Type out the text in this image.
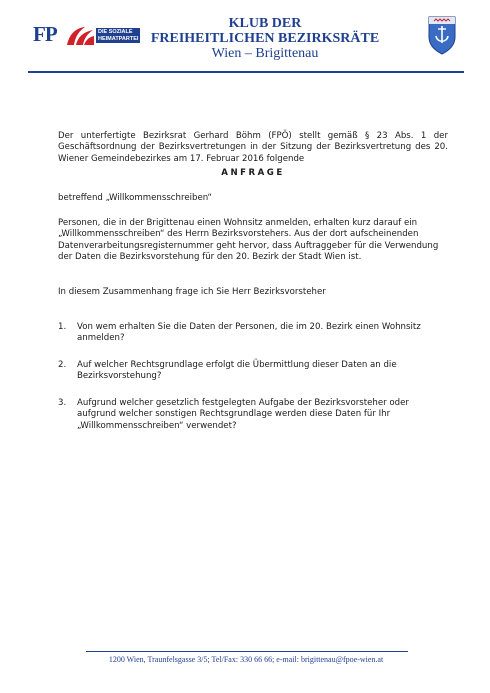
FP	DIE SOZIALE
HEIMATPARTEI
KLUB DER
FREIHEITLICHEN BEZIRKSRÄTE
Wien – Brigittenau
Der unterfertigte Bezirksrat Gerhard Böhm (FPÖ) stellt gemäß § 23 Abs. 1 der Geschäftsordnung der Bezirksvertretungen in der Sitzung der Bezirksvertretung des 20. Wiener Gemeindebezirkes am 17. Februar 2016 folgende
ANFRAGE
betreffend „Willkommensschreiben“
Personen, die in der Brigittenau einen Wohnsitz anmelden, erhalten kurz darauf ein „Willkommensschreiben“ des Herrn Bezirksvorstehers. Aus der dort aufscheinenden Datenverarbeitungsregisternummer geht hervor, dass Auftraggeber für die Verwendung der Daten die Bezirksvorstehung für den 20. Bezirk der Stadt Wien ist.
In diesem Zusammenhang frage ich Sie Herr Bezirksvorsteher
1. Von wem erhalten Sie die Daten der Personen, die im 20. Bezirk einen Wohnsitz anmelden?
2. Auf welcher Rechtsgrundlage erfolgt die Übermittlung dieser Daten an die Bezirksvorstehung?
3. Aufgrund welcher gesetzlich festgelegten Aufgabe der Bezirksvorsteher oder aufgrund welcher sonstigen Rechtsgrundlage werden diese Daten für Ihr „Willkommensschreiben“ verwendet?
1200 Wien, Traunfelsgasse 3/5; Tel/Fax: 330 66 66; e-mail: brigittenau@fpoe-wien.at
